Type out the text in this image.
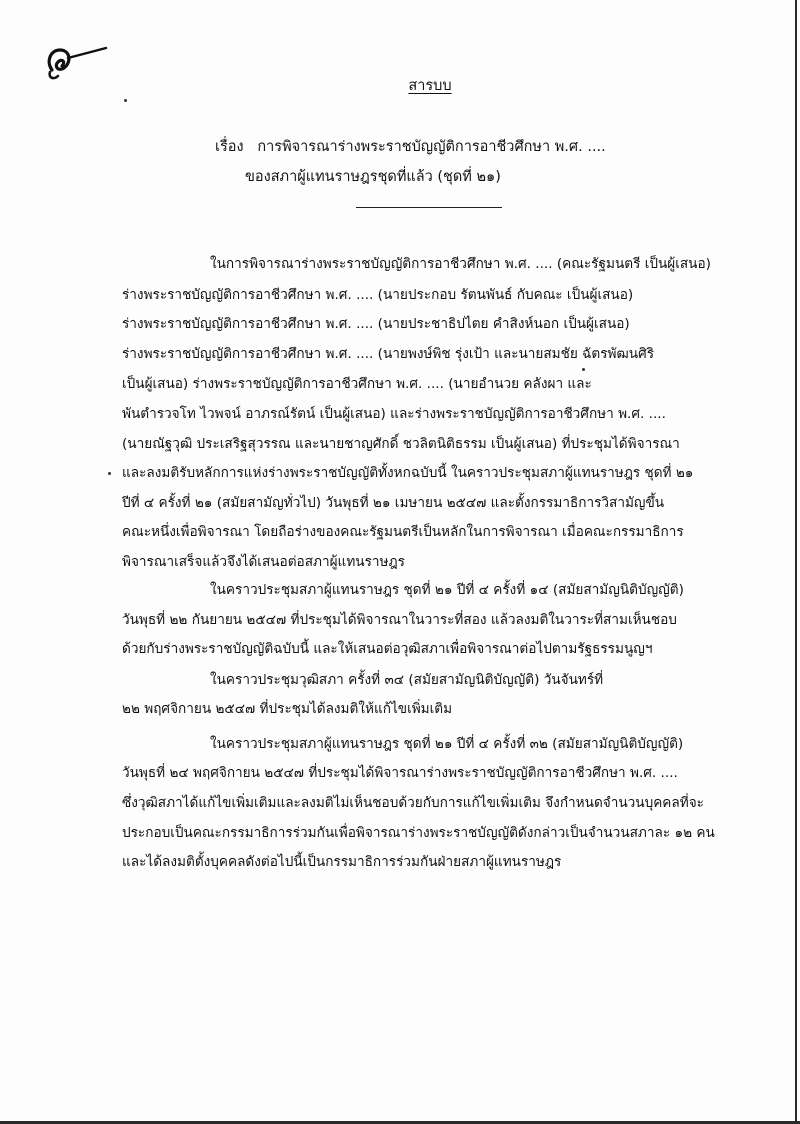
สารบบ
เรื่อง การพิจารณาร่างพระราชบัญญัติการอาชีวศึกษา พ.ศ. ....
ของสภาผู้แทนราษฎรชุดที่แล้ว (ชุดที่ ๒๑)
ในการพิจารณาร่างพระราชบัญญัติการอาชีวศึกษา พ.ศ. .... (คณะรัฐมนตรี เป็นผู้เสนอ)
ร่างพระราชบัญญัติการอาชีวศึกษา พ.ศ. .... (นายประกอบ รัตนพันธ์ กับคณะ เป็นผู้เสนอ)
ร่างพระราชบัญญัติการอาชีวศึกษา พ.ศ. .... (นายประชาธิปไตย คำสิงห์นอก เป็นผู้เสนอ)
ร่างพระราชบัญญัติการอาชีวศึกษา พ.ศ. .... (นายพงษ์พิช รุ่งเป้า และนายสมชัย ฉัตรพัฒนศิริ
เป็นผู้เสนอ) ร่างพระราชบัญญัติการอาชีวศึกษา พ.ศ. .... (นายอำนวย คลังผา และ
พันตำรวจโท ไวพจน์ อาภรณ์รัตน์ เป็นผู้เสนอ) และร่างพระราชบัญญัติการอาชีวศึกษา พ.ศ. ....
(นายณัฐวุฒิ ประเสริฐสุวรรณ และนายชาญศักดิ์ ชวลิตนิติธรรม เป็นผู้เสนอ) ที่ประชุมได้พิจารณา
และลงมติรับหลักการแห่งร่างพระราชบัญญัติทั้งหกฉบับนี้ ในคราวประชุมสภาผู้แทนราษฎร ชุดที่ ๒๑
ปีที่ ๔ ครั้งที่ ๒๑ (สมัยสามัญทั่วไป) วันพุธที่ ๒๑ เมษายน ๒๕๔๗ และตั้งกรรมาธิการวิสามัญขึ้น
คณะหนึ่งเพื่อพิจารณา โดยถือร่างของคณะรัฐมนตรีเป็นหลักในการพิจารณา เมื่อคณะกรรมาธิการ
พิจารณาเสร็จแล้วจึงได้เสนอต่อสภาผู้แทนราษฎร
ในคราวประชุมสภาผู้แทนราษฎร ชุดที่ ๒๑ ปีที่ ๔ ครั้งที่ ๑๔ (สมัยสามัญนิติบัญญัติ)
วันพุธที่ ๒๒ กันยายน ๒๕๔๗ ที่ประชุมได้พิจารณาในวาระที่สอง แล้วลงมติในวาระที่สามเห็นชอบ
ด้วยกับร่างพระราชบัญญัติฉบับนี้ และให้เสนอต่อวุฒิสภาเพื่อพิจารณาต่อไปตามรัฐธรรมนูญฯ
ในคราวประชุมวุฒิสภา ครั้งที่ ๓๔ (สมัยสามัญนิติบัญญัติ) วันจันทร์ที่
๒๒ พฤศจิกายน ๒๕๔๗ ที่ประชุมได้ลงมติให้แก้ไขเพิ่มเติม
ในคราวประชุมสภาผู้แทนราษฎร ชุดที่ ๒๑ ปีที่ ๔ ครั้งที่ ๓๒ (สมัยสามัญนิติบัญญัติ)
วันพุธที่ ๒๔ พฤศจิกายน ๒๕๔๗ ที่ประชุมได้พิจารณาร่างพระราชบัญญัติการอาชีวศึกษา พ.ศ. ....
ซึ่งวุฒิสภาได้แก้ไขเพิ่มเติมและลงมติไม่เห็นชอบด้วยกับการแก้ไขเพิ่มเติม จึงกำหนดจำนวนบุคคลที่จะ
ประกอบเป็นคณะกรรมาธิการร่วมกันเพื่อพิจารณาร่างพระราชบัญญัติดังกล่าวเป็นจำนวนสภาละ ๑๒ คน
และได้ลงมติตั้งบุคคลดังต่อไปนี้เป็นกรรมาธิการร่วมกันฝ่ายสภาผู้แทนราษฎร
